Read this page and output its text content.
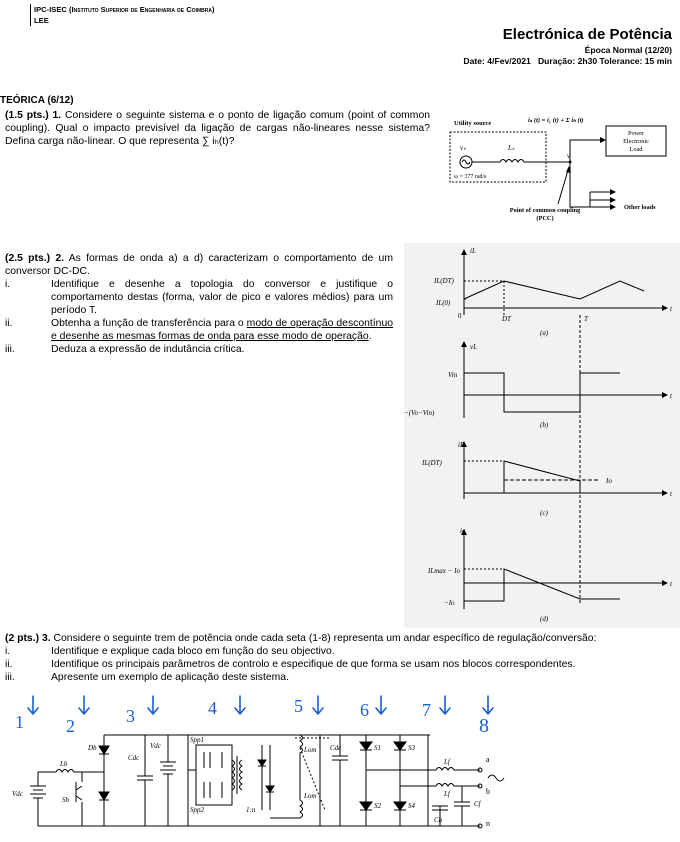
IPC-ISEC (Instituto Superior de Engenharia de Coimbra)
LEE
Electrónica de Potência
Época Normal (12/20)
Date: 4/Fev/2021   Duração: 2h30 Tolerance: 15 min
TEÓRICA (6/12)
(1.5 pts.) 1. Considere o seguinte sistema e o ponto de ligação comum (point of common coupling). Qual o impacto previsível da ligação de cargas não-lineares nesse sistema? Defina carga não-linear. O que representa ∑ iₕ(t)?
Utility source	iₛ (t) = i₁ (t) + Σ iₕ (t)
vₛ	Lₛ
ω = 377 rad/s
v
Power
Electronic
Load
Other loads
Point of common coupling
(PCC)
(2.5 pts.) 2. As formas de onda a) a d) caracterizam o comportamento de um conversor DC-DC.
i.	Identifique e desenhe a topologia do conversor e justifique o comportamento destas (forma, valor de pico e valores médios) para um período T.
ii.	Obtenha a função de transferência para o modo de operação descontínuo e desenhe as mesmas formas de onda para esse modo de operação.
iii.	Deduza a expressão de indutância crítica.
iL
IL(DT)
IL(0)
0	DT	T
t
(a)
vL
Vin
−(Vo−Vin)
t
(b)
iD
IL(DT)
Io
t
(c)
ic
ILmax − Io
−Io
t
(d)
(2 pts.) 3. Considere o seguinte trem de potência onde cada seta (1-8) representa um andar específico de regulação/conversão:
i.	Identifique e explique cada bloco em função do seu objectivo.
ii.	Identifique os principais parâmetros de controlo e especifique de que forma se usam nos blocos correspondentes.
iii.	Apresente um exemplo de aplicação deste sistema.
1 2	3	4	5	6	7
8
Vdc
Lb
Db
Sb
Cdc
Vdc
Spp1
Spp2	1:n
Lom
Lom
Cdc	S1
S2
S3
S4
Lf
Lf
Cf
Cn
a
b
n
